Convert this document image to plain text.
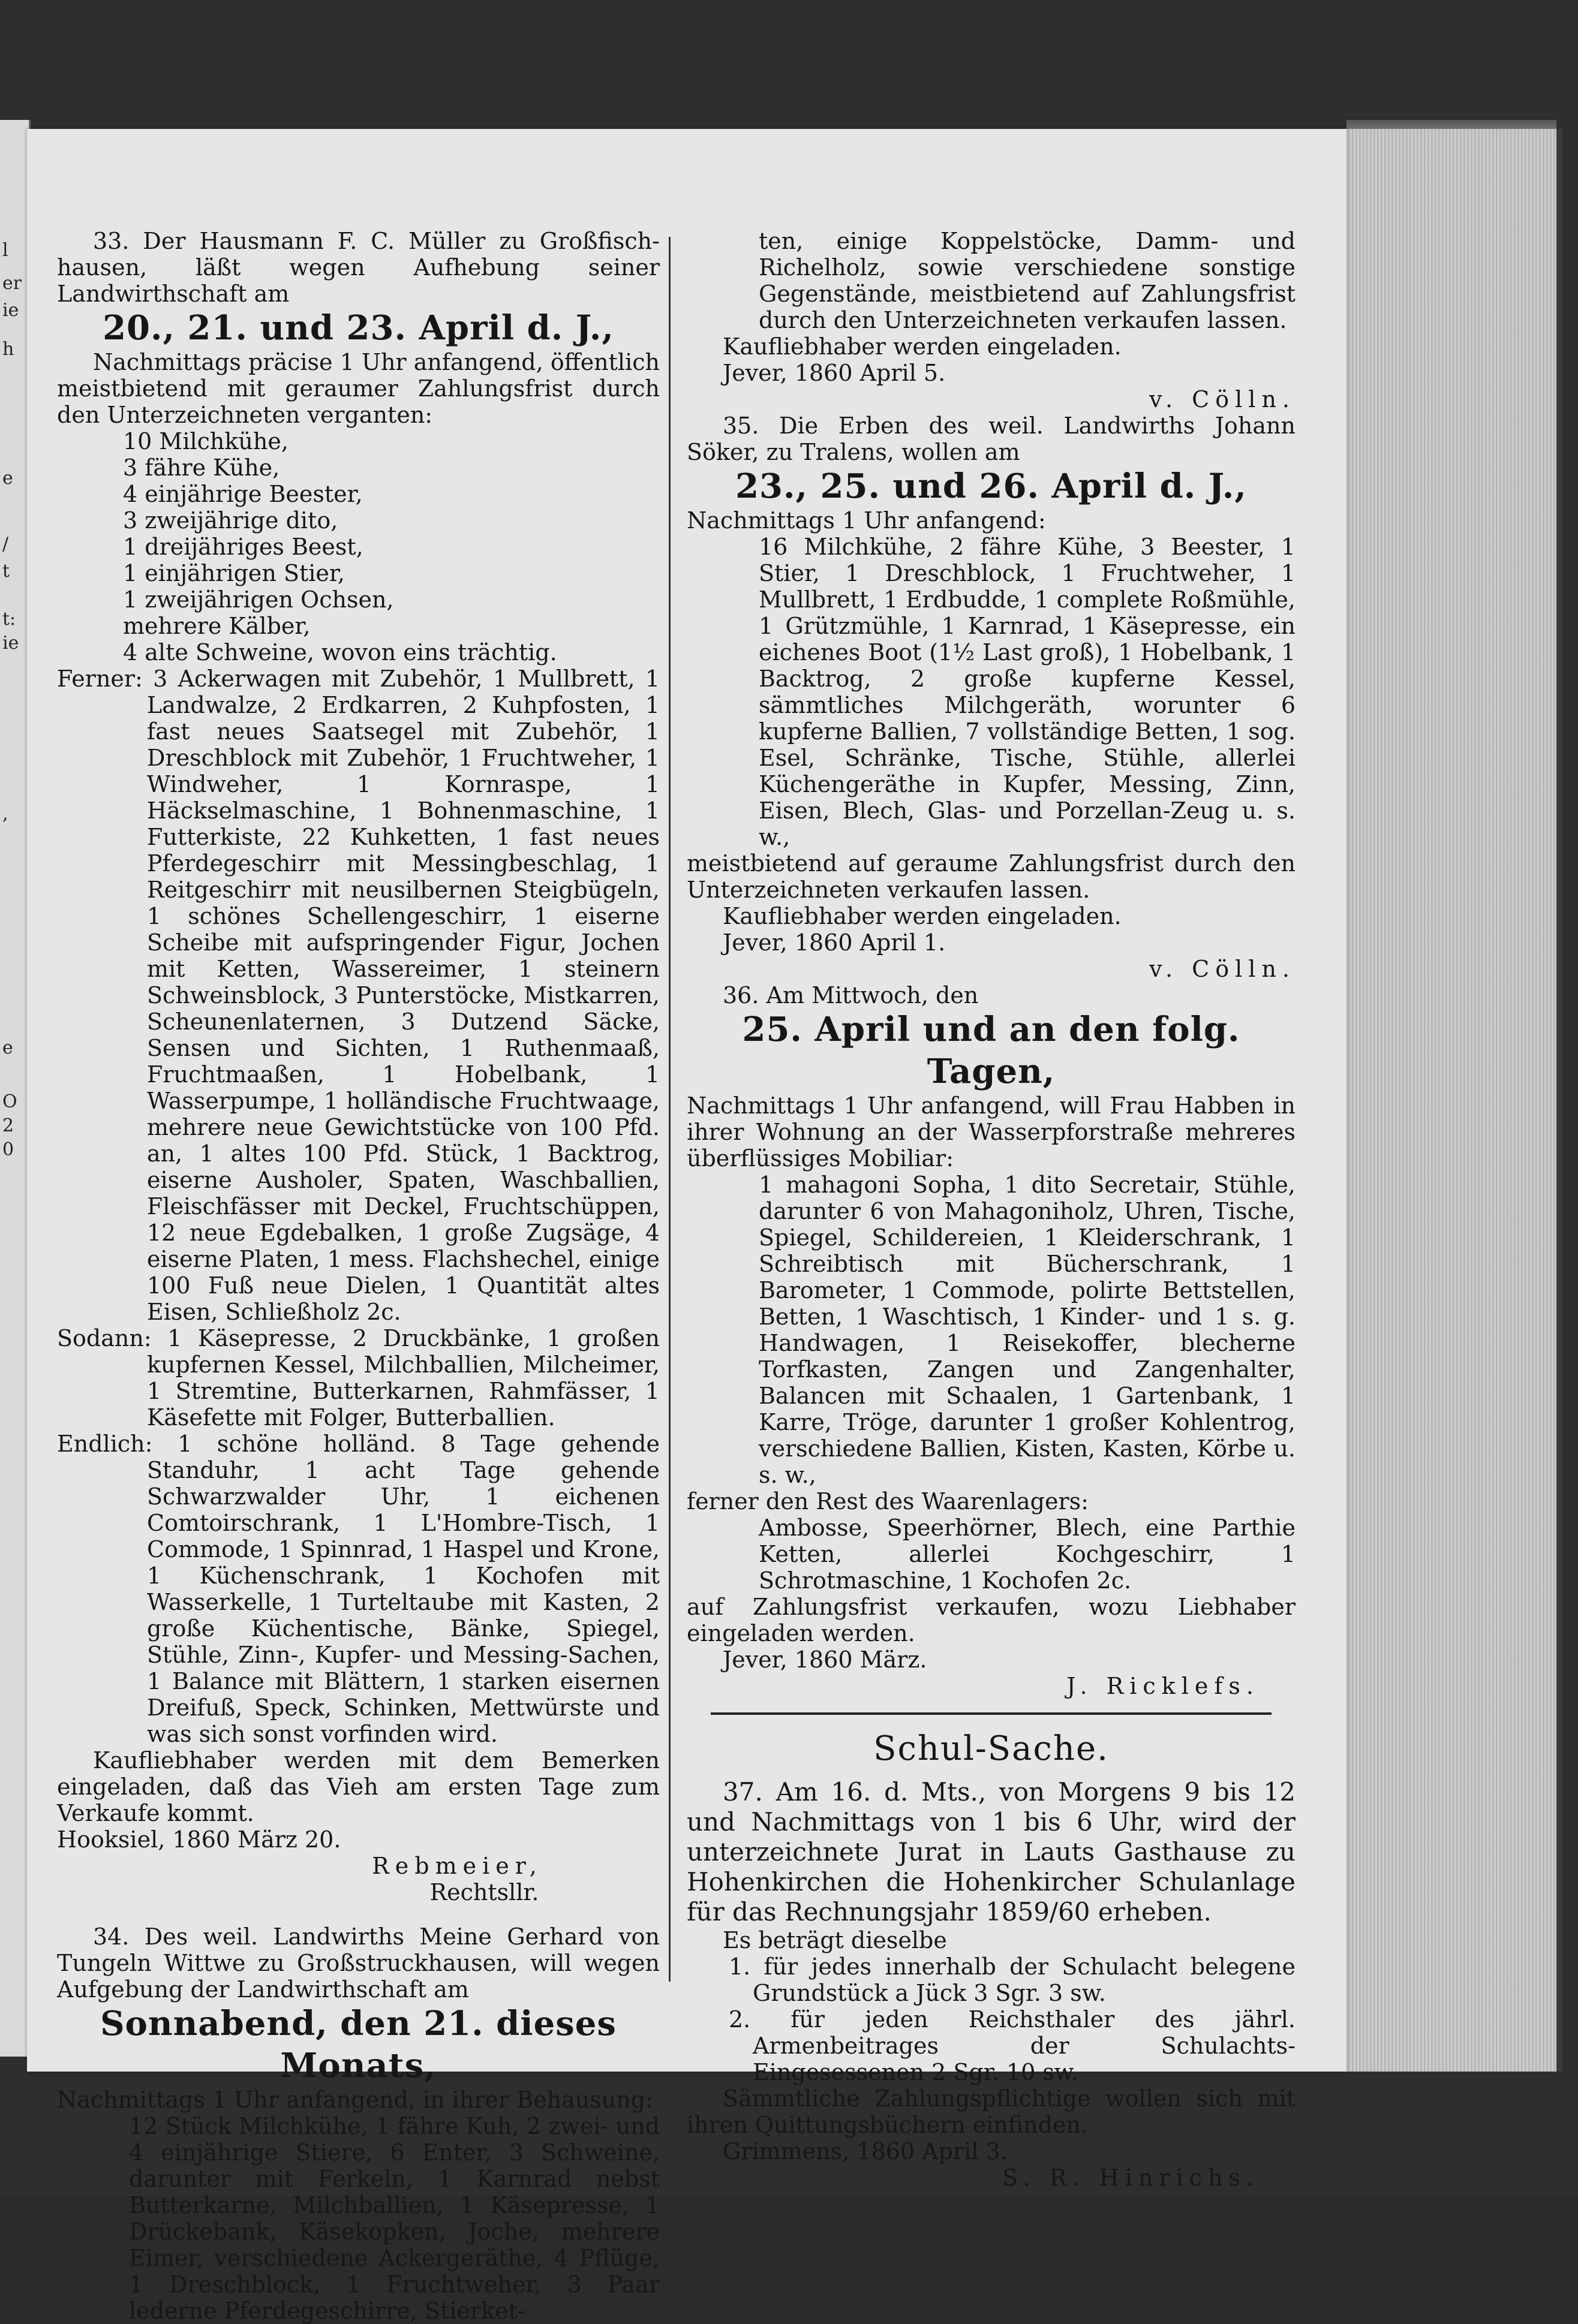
l
er
ie
h
e
/
t
t:
ie
,
e
O
2
0

33. Der Hausmann F. C. Müller zu Großfisch-hausen, läßt wegen Aufhebung seiner Landwirthschaft am

20., 21. und 23. April d. J.,

Nachmittags präcise 1 Uhr anfangend, öffentlich meistbietend mit geraumer Zahlungsfrist durch den Unterzeichneten verganten:

10 Milchkühe,
3 fähre Kühe,
4 einjährige Beester,
3 zweijährige dito,
1 dreijähriges Beest,
1 einjährigen Stier,
1 zweijährigen Ochsen,
mehrere Kälber,
4 alte Schweine, wovon eins trächtig.

Ferner: 3 Ackerwagen mit Zubehör, 1 Mullbrett, 1 Landwalze, 2 Erdkarren, 2 Kuhpfosten, 1 fast neues Saatsegel mit Zubehör, 1 Dreschblock mit Zubehör, 1 Fruchtweher, 1 Windweher, 1 Kornraspe, 1 Häckselmaschine, 1 Bohnenmaschine, 1 Futterkiste, 22 Kuhketten, 1 fast neues Pferdegeschirr mit Messingbeschlag, 1 Reitgeschirr mit neusilbernen Steigbügeln, 1 schönes Schellengeschirr, 1 eiserne Scheibe mit aufspringender Figur, Jochen mit Ketten, Wassereimer, 1 steinern Schweinsblock, 3 Punterstöcke, Mistkarren, Scheunenlaternen, 3 Dutzend Säcke, Sensen und Sichten, 1 Ruthenmaaß, Fruchtmaaßen, 1 Hobelbank, 1 Wasserpumpe, 1 holländische Fruchtwaage, mehrere neue Gewichtstücke von 100 Pfd. an, 1 altes 100 Pfd. Stück, 1 Backtrog, eiserne Ausholer, Spaten, Waschballien, Fleischfässer mit Deckel, Fruchtschüppen, 12 neue Egdebalken, 1 große Zugsäge, 4 eiserne Platen, 1 mess. Flachshechel, einige 100 Fuß neue Dielen, 1 Quantität altes Eisen, Schließholz 2c.

Sodann: 1 Käsepresse, 2 Druckbänke, 1 großen kupfernen Kessel, Milchballien, Milcheimer, 1 Stremtine, Butterkarnen, Rahmfässer, 1 Käsefette mit Folger, Butterballien.

Endlich: 1 schöne holländ. 8 Tage gehende Standuhr, 1 acht Tage gehende Schwarzwalder Uhr, 1 eichenen Comtoirschrank, 1 L'Hombre-Tisch, 1 Commode, 1 Spinnrad, 1 Haspel und Krone, 1 Küchenschrank, 1 Kochofen mit Wasserkelle, 1 Turteltaube mit Kasten, 2 große Küchentische, Bänke, Spiegel, Stühle, Zinn-, Kupfer- und Messing-Sachen, 1 Balance mit Blättern, 1 starken eisernen Dreifuß, Speck, Schinken, Mettwürste und was sich sonst vorfinden wird.

Kaufliebhaber werden mit dem Bemerken eingeladen, daß das Vieh am ersten Tage zum Verkaufe kommt.

Hooksiel, 1860 März 20.

Rebmeier,

Rechtsllr.

34. Des weil. Landwirths Meine Gerhard von Tungeln Wittwe zu Großstruckhausen, will wegen Aufgebung der Landwirthschaft am

Sonnabend, den 21. dieses Monats,

Nachmittags 1 Uhr anfangend, in ihrer Behausung:

12 Stück Milchkühe, 1 fähre Kuh, 2 zwei- und 4 einjährige Stiere, 6 Enter, 3 Schweine, darunter mit Ferkeln, 1 Karnrad nebst Butterkarne, Milchballien, 1 Käsepresse, 1 Drückebank, Käsekopken, Joche, mehrere Eimer, verschiedene Ackergeräthe, 4 Pflüge, 1 Dreschblock, 1 Fruchtweher, 3 Paar lederne Pferdegeschirre, Stierket-

ten, einige Koppelstöcke, Damm- und Richelholz, sowie verschiedene sonstige Gegenstände, meistbietend auf Zahlungsfrist durch den Unterzeichneten verkaufen lassen.

Kaufliebhaber werden eingeladen.

Jever, 1860 April 5.

v. Cölln.

35. Die Erben des weil. Landwirths Johann Söker, zu Tralens, wollen am

23., 25. und 26. April d. J.,

Nachmittags 1 Uhr anfangend:

16 Milchkühe, 2 fähre Kühe, 3 Beester, 1 Stier, 1 Dreschblock, 1 Fruchtweher, 1 Mullbrett, 1 Erdbudde, 1 complete Roßmühle, 1 Grützmühle, 1 Karnrad, 1 Käsepresse, ein eichenes Boot (1½ Last groß), 1 Hobelbank, 1 Backtrog, 2 große kupferne Kessel, sämmtliches Milchgeräth, worunter 6 kupferne Ballien, 7 vollständige Betten, 1 sog. Esel, Schränke, Tische, Stühle, allerlei Küchengeräthe in Kupfer, Messing, Zinn, Eisen, Blech, Glas- und Porzellan-Zeug u. s. w.,

meistbietend auf geraume Zahlungsfrist durch den Unterzeichneten verkaufen lassen.

Kaufliebhaber werden eingeladen.

Jever, 1860 April 1.

v. Cölln.

36. Am Mittwoch, den

25. April und an den folg. Tagen,

Nachmittags 1 Uhr anfangend, will Frau Habben in ihrer Wohnung an der Wasserpforstraße mehreres überflüssiges Mobiliar:

1 mahagoni Sopha, 1 dito Secretair, Stühle, darunter 6 von Mahagoniholz, Uhren, Tische, Spiegel, Schildereien, 1 Kleiderschrank, 1 Schreibtisch mit Bücherschrank, 1 Barometer, 1 Commode, polirte Bettstellen, Betten, 1 Waschtisch, 1 Kinder- und 1 s. g. Handwagen, 1 Reisekoffer, blecherne Torfkasten, Zangen und Zangenhalter, Balancen mit Schaalen, 1 Gartenbank, 1 Karre, Tröge, darunter 1 großer Kohlentrog, verschiedene Ballien, Kisten, Kasten, Körbe u. s. w.,

ferner den Rest des Waarenlagers:

Ambosse, Speerhörner, Blech, eine Parthie Ketten, allerlei Kochgeschirr, 1 Schrotmaschine, 1 Kochofen 2c.

auf Zahlungsfrist verkaufen, wozu Liebhaber eingeladen werden.

Jever, 1860 März.

J. Ricklefs.

Schul-Sache.

37. Am 16. d. Mts., von Morgens 9 bis 12 und Nachmittags von 1 bis 6 Uhr, wird der unterzeichnete Jurat in Lauts Gasthause zu Hohenkirchen die Hohenkircher Schulanlage für das Rechnungsjahr 1859/60 erheben.

Es beträgt dieselbe

1. für jedes innerhalb der Schulacht belegene Grundstück a Jück 3 Sgr. 3 sw.
2. für jeden Reichsthaler des jährl. Armenbeitrages der Schulachts-Eingesessenen 2 Sgr. 10 sw.

Sämmtliche Zahlungspflichtige wollen sich mit ihren Quittungsbüchern einfinden.

Grimmens, 1860 April 3.

S. R. Hinrichs.
